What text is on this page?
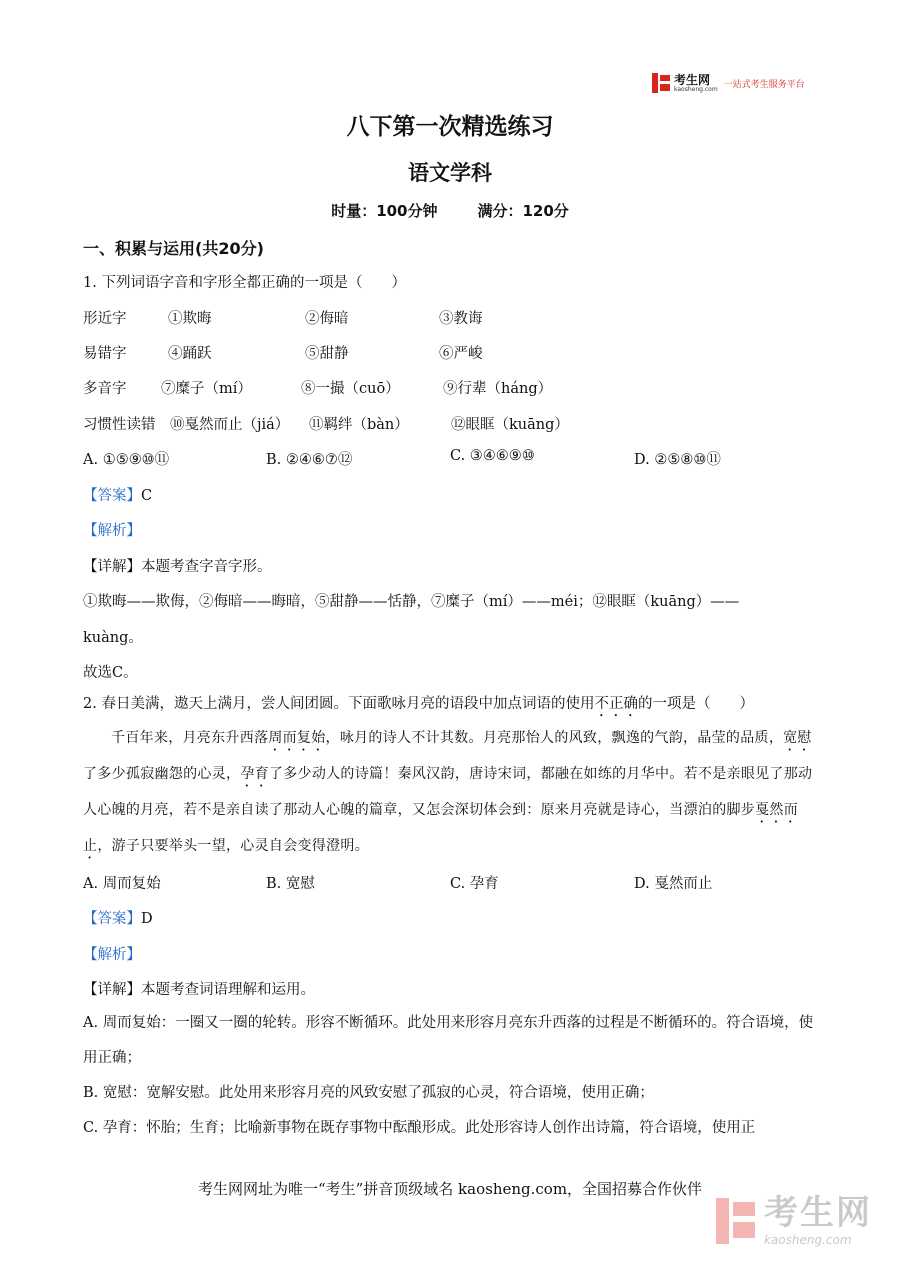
考生网
kaosheng.com 一站式考生服务平台
八下第一次精选练习
语文学科
时量：100分钟	满分：120分
一、积累与运用(共20分)
1. 下列词语字音和字形全都正确的一项是（　　）
形近字	①欺晦	②侮暗	③教诲
易错字	④踊跃	⑤甜静	⑥严峻
多音字 ⑦糜子（mí）	⑧一撮（cuō）	⑨行辈（háng）
习惯性读错 ⑩戛然而止（jiá） ⑪羁绊（bàn）	⑫眼眶（kuāng）
A. ①⑤⑨⑩⑪	B. ②④⑥⑦⑫	C. ③④⑥⑨⑩	D. ②⑤⑧⑩⑪
【答案】C
【解析】
【详解】本题考查字音字形。
①欺晦——欺侮，②侮暗——晦暗，⑤甜静——恬静，⑦糜子（mí）——méi；⑫眼眶（kuāng）——
kuàng。
故选C。
2. 春日美满，遨天上满月，尝人间团圆。下面歌咏月亮的语段中加点词语的使用不正确的一项是（　　）

千百年来，月亮东升西落周而复始，咏月的诗人不计其数。月亮那怡人的风致，飘逸的气韵，晶莹的品质，宽慰了多少孤寂幽怨的心灵，孕育了多少动人的诗篇！秦风汉韵，唐诗宋词，都融在如练的月华中。若不是亲眼见了那动人心魄的月亮，若不是亲自读了那动人心魄的篇章，又怎会深切体会到：原来月亮就是诗心，当漂泊的脚步戛然而止，游子只要举头一望，心灵自会变得澄明。

A. 周而复始	B. 宽慰	C. 孕育	D. 戛然而止
【答案】D
【解析】
【详解】本题考查词语理解和运用。

A. 周而复始：一圈又一圈的轮转。形容不断循环。此处用来形容月亮东升西落的过程是不断循环的。符合语境，使用正确；

B. 宽慰：宽解安慰。此处用来形容月亮的风致安慰了孤寂的心灵，符合语境，使用正确；

C. 孕育：怀胎；生育；比喻新事物在既存事物中酝酿形成。此处形容诗人创作出诗篇，符合语境，使用正

考生网网址为唯一“考生”拼音顶级域名 kaosheng.com，全国招募合作伙伴
考生网
kaosheng.com
